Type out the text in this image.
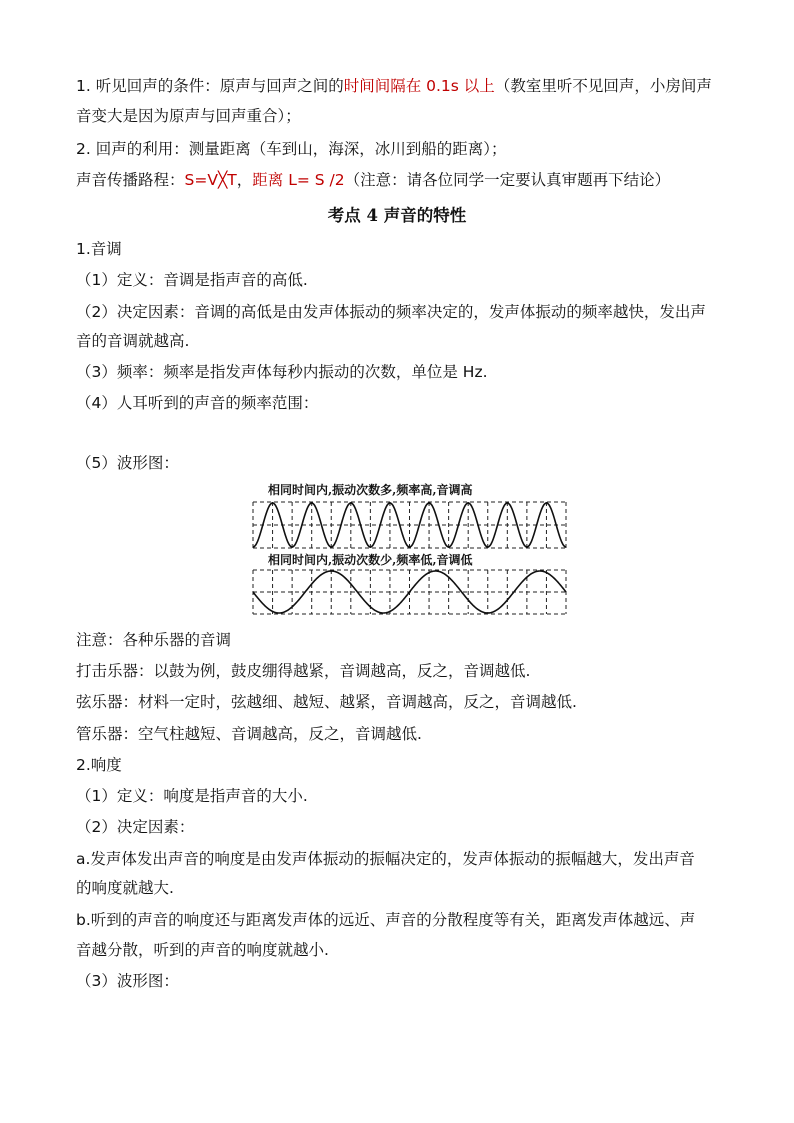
1. 听见回声的条件：原声与回声之间的时间间隔在 0.1s 以上（教室里听不见回声，小房间声
音变大是因为原声与回声重合）；
2. 回声的利用：测量距离（车到山，海深，冰川到船的距离）；
声音传播路程：S=V╳T，距离 L= S /2（注意：请各位同学一定要认真审题再下结论）
考点 4 声音的特性
1.音调
（1）定义：音调是指声音的高低.
（2）决定因素：音调的高低是由发声体振动的频率决定的，发声体振动的频率越快，发出声
音的音调就越高.
（3）频率：频率是指发声体每秒内振动的次数，单位是 Hz.
（4）人耳听到的声音的频率范围：
（5）波形图：
相同时间内,振动次数多,频率高,音调高
相同时间内,振动次数少,频率低,音调低
注意：各种乐器的音调
打击乐器：以鼓为例，鼓皮绷得越紧，音调越高，反之，音调越低.
弦乐器：材料一定时，弦越细、越短、越紧，音调越高，反之，音调越低.
管乐器：空气柱越短、音调越高，反之，音调越低.
2.响度
（1）定义：响度是指声音的大小.
（2）决定因素：
a.发声体发出声音的响度是由发声体振动的振幅决定的，发声体振动的振幅越大，发出声音
的响度就越大.
b.听到的声音的响度还与距离发声体的远近、声音的分散程度等有关，距离发声体越远、声
音越分散，听到的声音的响度就越小.
（3）波形图：
